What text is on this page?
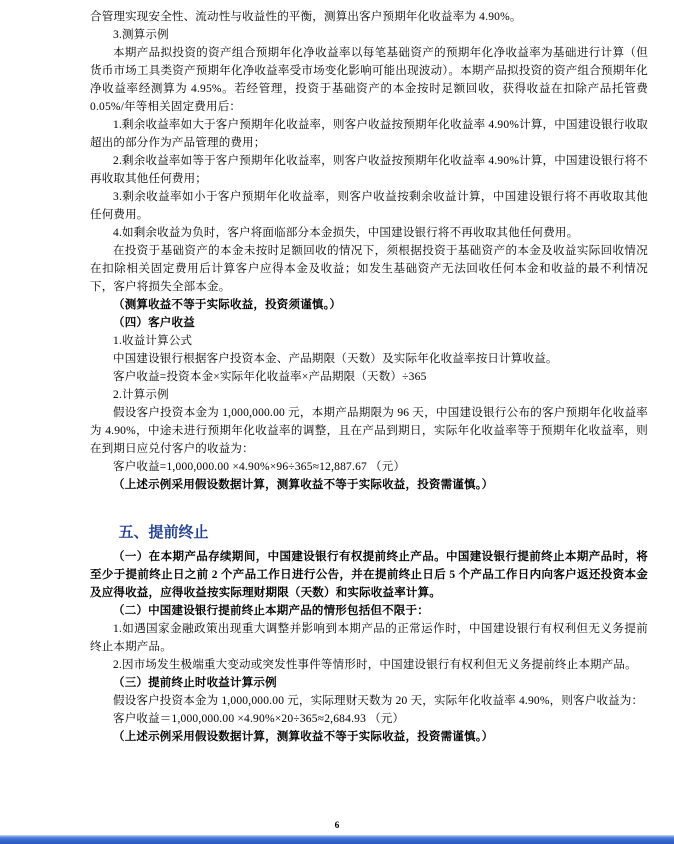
合管理实现安全性、流动性与收益性的平衡，测算出客户预期年化收益率为 4.90%。

3.测算示例

本期产品拟投资的资产组合预期年化净收益率以每笔基础资产的预期年化净收益率为基础进行计算（但货币市场工具类资产预期年化净收益率受市场变化影响可能出现波动）。本期产品拟投资的资产组合预期年化净收益率经测算为 4.95%。若经管理，投资于基础资产的本金按时足额回收，获得收益在扣除产品托管费 0.05%/年等相关固定费用后：

1.剩余收益率如大于客户预期年化收益率，则客户收益按预期年化收益率 4.90%计算，中国建设银行收取超出的部分作为产品管理的费用；

2.剩余收益率如等于客户预期年化收益率，则客户收益按预期年化收益率 4.90%计算，中国建设银行将不再收取其他任何费用；

3.剩余收益率如小于客户预期年化收益率，则客户收益按剩余收益计算，中国建设银行将不再收取其他任何费用。

4.如剩余收益为负时，客户将面临部分本金损失，中国建设银行将不再收取其他任何费用。

在投资于基础资产的本金未按时足额回收的情况下，须根据投资于基础资产的本金及收益实际回收情况在扣除相关固定费用后计算客户应得本金及收益；如发生基础资产无法回收任何本金和收益的最不利情况下，客户将损失全部本金。

（测算收益不等于实际收益，投资须谨慎。）

（四）客户收益

1.收益计算公式

中国建设银行根据客户投资本金、产品期限（天数）及实际年化收益率按日计算收益。

客户收益=投资本金×实际年化收益率×产品期限（天数）÷365

2.计算示例

假设客户投资本金为 1,000,000.00 元，本期产品期限为 96 天，中国建设银行公布的客户预期年化收益率为 4.90%，中途未进行预期年化收益率的调整，且在产品到期日，实际年化收益率等于预期年化收益率，则在到期日应兑付客户的收益为：

客户收益=1,000,000.00 ×4.90%×96÷365≈12,887.67 （元）

（上述示例采用假设数据计算，测算收益不等于实际收益，投资需谨慎。）

五、提前终止

（一）在本期产品存续期间，中国建设银行有权提前终止产品。中国建设银行提前终止本期产品时，将至少于提前终止日之前 2 个产品工作日进行公告，并在提前终止日后 5 个产品工作日内向客户返还投资本金及应得收益，应得收益按实际理财期限（天数）和实际收益率计算。

（二）中国建设银行提前终止本期产品的情形包括但不限于：

1.如遇国家金融政策出现重大调整并影响到本期产品的正常运作时，中国建设银行有权利但无义务提前终止本期产品。

2.因市场发生极端重大变动或突发性事件等情形时，中国建设银行有权利但无义务提前终止本期产品。

（三）提前终止时收益计算示例

假设客户投资本金为 1,000,000.00 元，实际理财天数为 20 天，实际年化收益率 4.90%，则客户收益为：

客户收益＝1,000,000.00 ×4.90%×20÷365≈2,684.93 （元）

（上述示例采用假设数据计算，测算收益不等于实际收益，投资需谨慎。）

6
